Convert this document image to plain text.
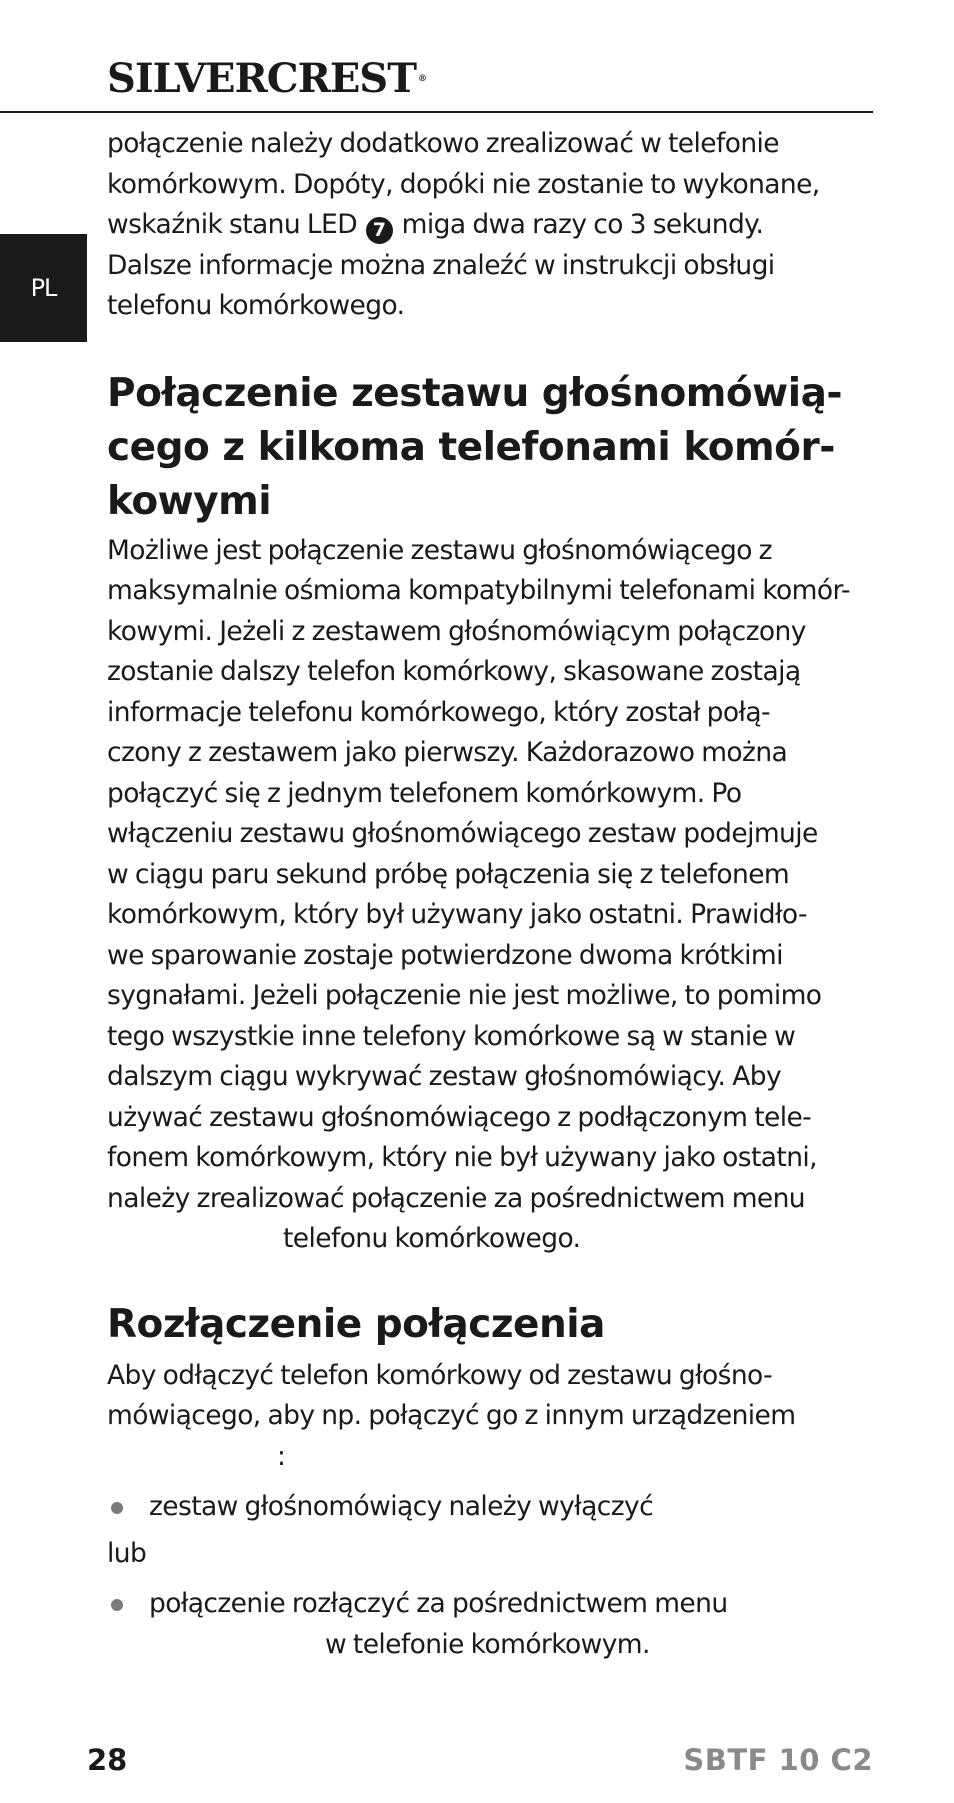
SILVERCREST ®
PL
połączenie należy dodatkowo zrealizować w telefonie
komórkowym. Dopóty, dopóki nie zostanie to wykonane,
wskaźnik stanu LED 7 miga dwa razy co 3 sekundy.
Dalsze informacje można znaleźć w instrukcji obsługi
telefonu komórkowego.
Połączenie zestawu głośnomówią-
cego z kilkoma telefonami komór-
kowymi
Możliwe jest połączenie zestawu głośnomówiącego z
maksymalnie ośmioma kompatybilnymi telefonami komór-
kowymi. Jeżeli z zestawem głośnomówiącym połączony
zostanie dalszy telefon komórkowy, skasowane zostają
informacje telefonu komórkowego, który został połą-
czony z zestawem jako pierwszy. Każdorazowo można
połączyć się z jednym telefonem komórkowym. Po
włączeniu zestawu głośnomówiącego zestaw podejmuje
w ciągu paru sekund próbę połączenia się z telefonem
komórkowym, który był używany jako ostatni. Prawidło-
we sparowanie zostaje potwierdzone dwoma krótkimi
sygnałami. Jeżeli połączenie nie jest możliwe, to pomimo
tego wszystkie inne telefony komórkowe są w stanie w
dalszym ciągu wykrywać zestaw głośnomówiący. Aby
używać zestawu głośnomówiącego z podłączonym tele-
fonem komórkowym, który nie był używany jako ostatni,
należy zrealizować połączenie za pośrednictwem menu
telefonu komórkowego.
Rozłączenie połączenia
Aby odłączyć telefon komórkowy od zestawu głośno-
mówiącego, aby np. połączyć go z innym urządzeniem
:
zestaw głośnomówiący należy wyłączyć
lub
połączenie rozłączyć za pośrednictwem menu
w telefonie komórkowym.
28	SBTF 10 C2
